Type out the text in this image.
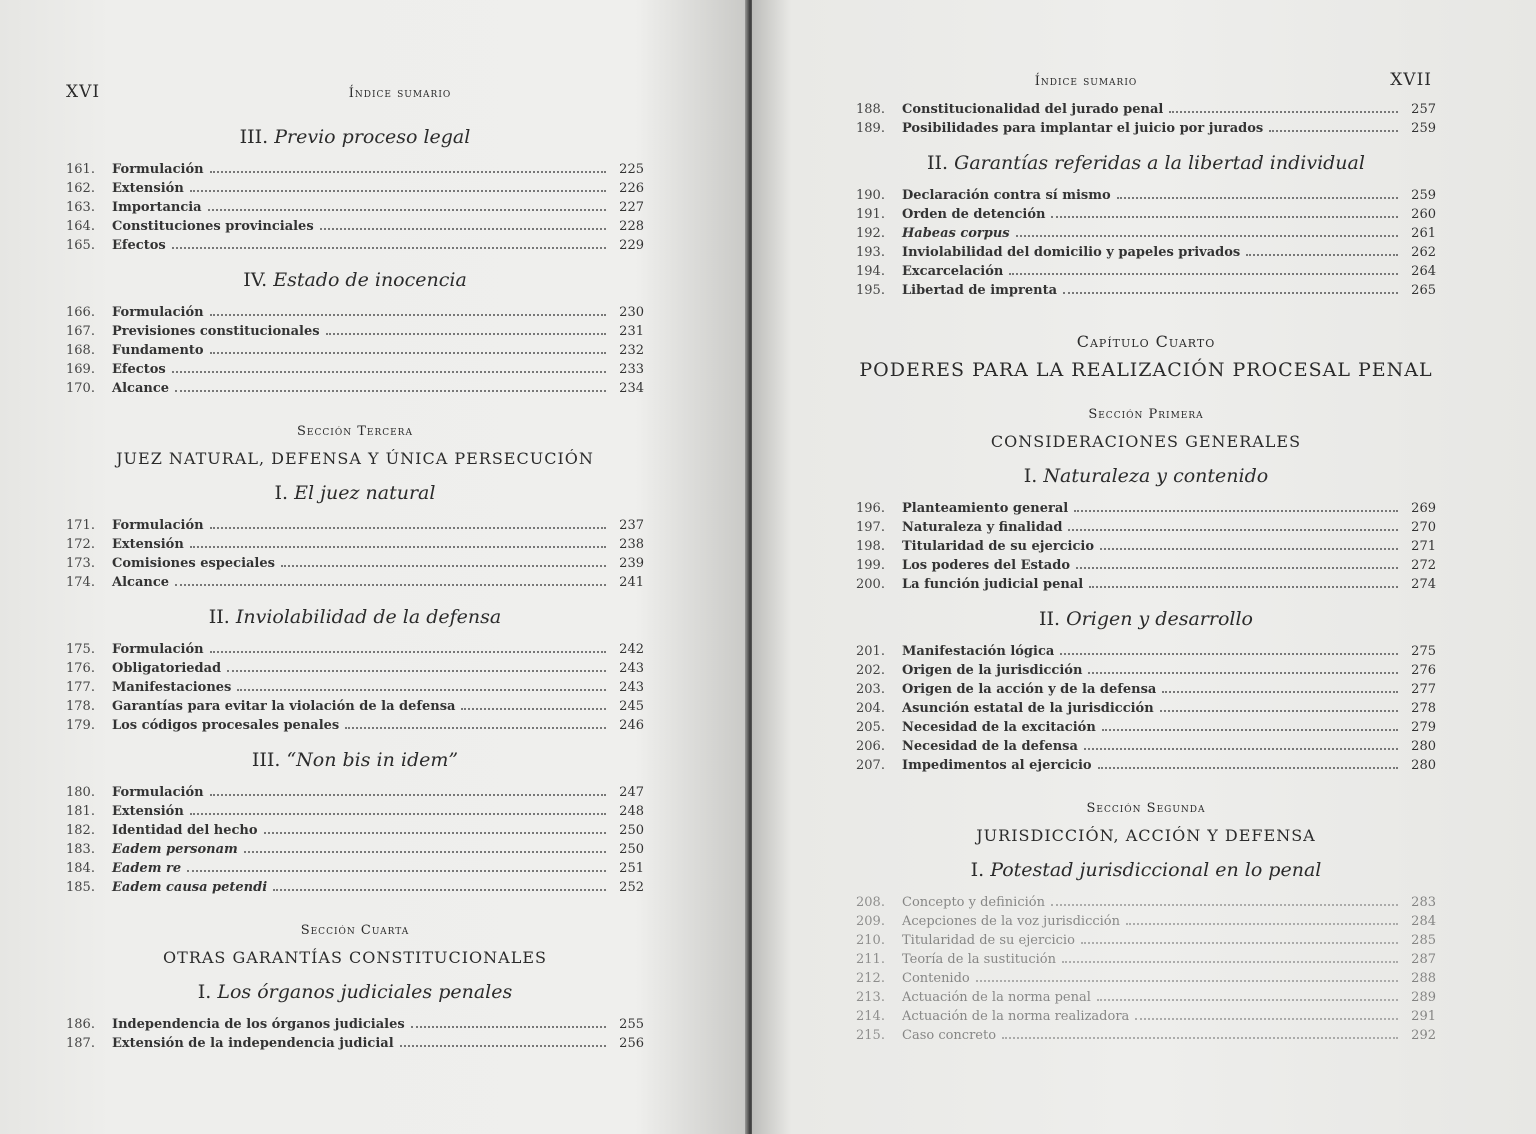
XVI	Índice sumario
III. Previo proceso legal
161.	Formulación	225
162.	Extensión	226
163.	Importancia	227
164.	Constituciones provinciales	228
165.	Efectos	229
IV. Estado de inocencia
166.	Formulación	230
167.	Previsiones constitucionales	231
168.	Fundamento	232
169.	Efectos	233
170.	Alcance	234
Sección Tercera
JUEZ NATURAL, DEFENSA Y ÚNICA PERSECUCIÓN
I. El juez natural
171.	Formulación	237
172.	Extensión	238
173.	Comisiones especiales	239
174.	Alcance	241
II. Inviolabilidad de la defensa
175.	Formulación	242
176.	Obligatoriedad	243
177.	Manifestaciones	243
178.	Garantías para evitar la violación de la defensa	245
179.	Los códigos procesales penales	246
III. “Non bis in idem”
180.	Formulación	247
181.	Extensión	248
182.	Identidad del hecho	250
183.	Eadem personam	250
184.	Eadem re	251
185.	Eadem causa petendi	252
Sección Cuarta
OTRAS GARANTÍAS CONSTITUCIONALES
I. Los órganos judiciales penales
186.	Independencia de los órganos judiciales	255
187.	Extensión de la independencia judicial	256
Índice sumario	XVII
188.	Constitucionalidad del jurado penal	257
189.	Posibilidades para implantar el juicio por jurados	259
II. Garantías referidas a la libertad individual
190.	Declaración contra sí mismo	259
191.	Orden de detención	260
192.	Habeas corpus	261
193.	Inviolabilidad del domicilio y papeles privados	262
194.	Excarcelación	264
195.	Libertad de imprenta	265
Capítulo Cuarto
PODERES PARA LA REALIZACIÓN PROCESAL PENAL
Sección Primera
CONSIDERACIONES GENERALES
I. Naturaleza y contenido
196.	Planteamiento general	269
197.	Naturaleza y finalidad	270
198.	Titularidad de su ejercicio	271
199.	Los poderes del Estado	272
200.	La función judicial penal	274
II. Origen y desarrollo
201.	Manifestación lógica	275
202.	Origen de la jurisdicción	276
203.	Origen de la acción y de la defensa	277
204.	Asunción estatal de la jurisdicción	278
205.	Necesidad de la excitación	279
206.	Necesidad de la defensa	280
207.	Impedimentos al ejercicio	280
Sección Segunda
JURISDICCIÓN, ACCIÓN Y DEFENSA
I. Potestad jurisdiccional en lo penal
208.	Concepto y definición	283
209.	Acepciones de la voz jurisdicción	284
210.	Titularidad de su ejercicio	285
211.	Teoría de la sustitución	287
212.	Contenido	288
213.	Actuación de la norma penal	289
214.	Actuación de la norma realizadora	291
215.	Caso concreto	292
